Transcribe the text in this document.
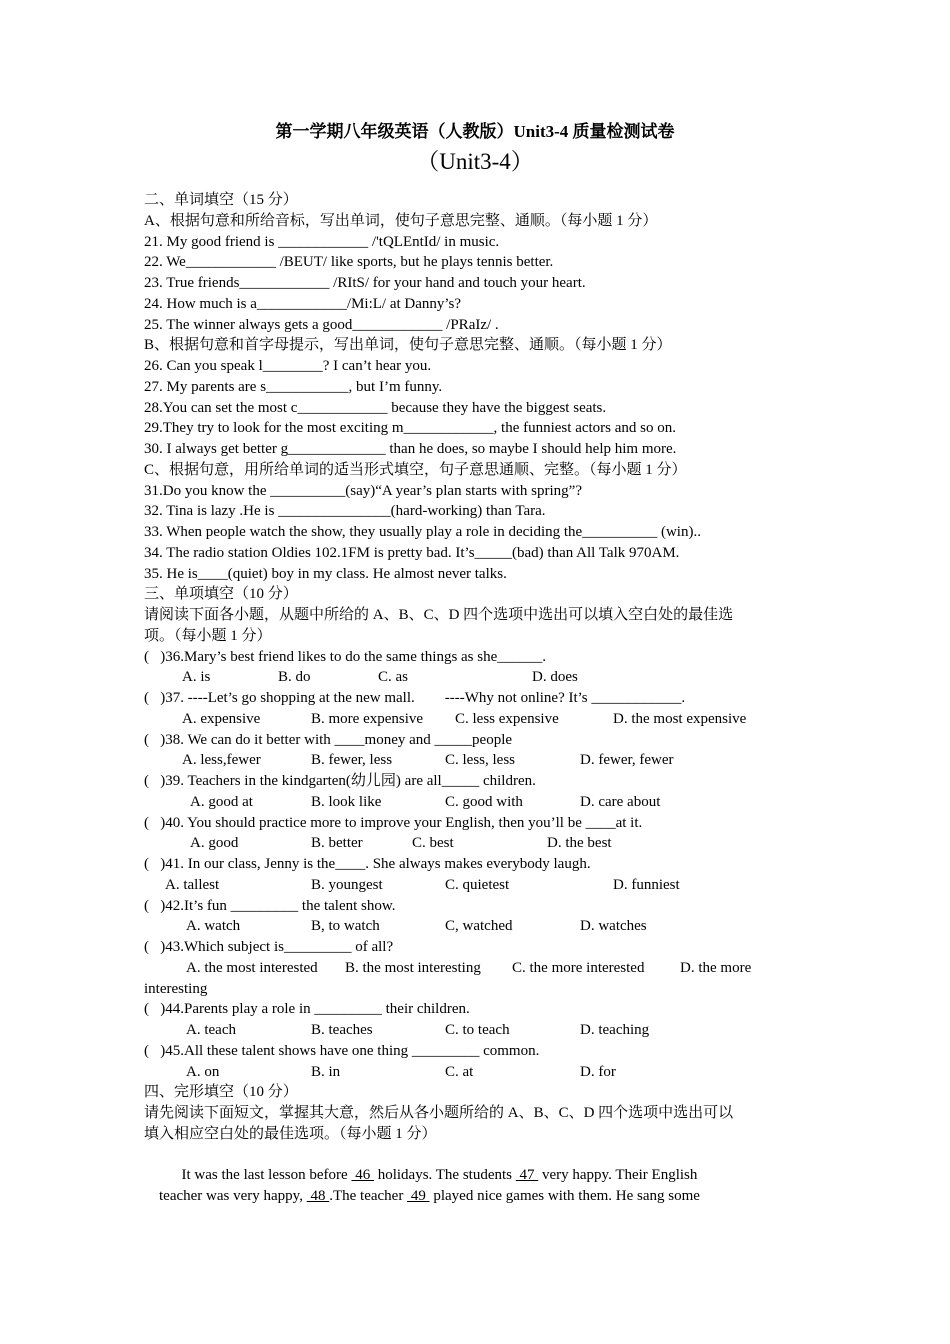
第一学期八年级英语（人教版）Unit3-4 质量检测试卷
（Unit3-4）
二、单词填空（15 分）
A、根据句意和所给音标，写出单词，使句子意思完整、通顺。（每小题 1 分）
21. My good friend is ____________ /'tQLEntId/ in music.
22. We____________ /BEUT/ like sports, but he plays tennis better.
23. True friends____________ /RItS/ for your hand and touch your heart.
24. How much is a____________/Mi:L/ at Danny’s?
25. The winner always gets a good____________ /PRaIz/ .
B、根据句意和首字母提示，写出单词，使句子意思完整、通顺。（每小题 1 分）
26. Can you speak l________? I can’t hear you.
27. My parents are s___________, but I’m funny.
28.You can set the most c____________ because they have the biggest seats.
29.They try to look for the most exciting m____________, the funniest actors and so on.
30. I always get better g_____________ than he does, so maybe I should help him more.
C、根据句意，用所给单词的适当形式填空，句子意思通顺、完整。（每小题 1 分）
31.Do you know the __________(say)“A year’s plan starts with spring”?
32. Tina is lazy .He is _______________(hard-working) than Tara.
33. When people watch the show, they usually play a role in deciding the__________ (win)..
34. The radio station Oldies 102.1FM is pretty bad. It’s_____(bad) than All Talk 970AM.
35. He is____(quiet) boy in my class. He almost never talks.
三、单项填空（10 分）
请阅读下面各小题，从题中所给的 A、B、C、D 四个选项中选出可以填入空白处的最佳选
项。（每小题 1 分）
(   )36.Mary’s best friend likes to do the same things as she______.
A. is	B. do	C. as	D. does
(   )37. ----Let’s go shopping at the new mall.        ----Why not online? It’s ____________.
A. expensive	B. more expensive C. less expensive	D. the most expensive
(   )38. We can do it better with ____money and _____people
A. less,fewer	B. fewer, less	C. less, less	D. fewer, fewer
(   )39. Teachers in the kindgarten(幼儿园) are all_____ children.
A. good at	B. look like	C. good with	D. care about
(   )40. You should practice more to improve your English, then you’ll be ____at it.
A. good	B. better	C. best	D. the best
(   )41. In our class, Jenny is the____. She always makes everybody laugh.
A. tallest	B. youngest	C. quietest	D. funniest
(   )42.It’s fun _________ the talent show.
A. watch	B, to watch	C, watched	D. watches
(   )43.Which subject is_________ of all?
A. the most interested B. the most interesting C. the more interested D. the more
interesting
(   )44.Parents play a role in _________ their children.
A. teach	B. teaches	C. to teach	D. teaching
(   )45.All these talent shows have one thing _________ common.
A. on	B. in	C. at	D. for
四、完形填空（10 分）
请先阅读下面短文，掌握其大意，然后从各小题所给的 A、B、C、D 四个选项中选出可以
填入相应空白处的最佳选项。（每小题 1 分）

It was the last lesson before  46  holidays. The students  47  very happy. Their English

teacher was very happy,  48 .The teacher  49  played nice games with them. He sang some
